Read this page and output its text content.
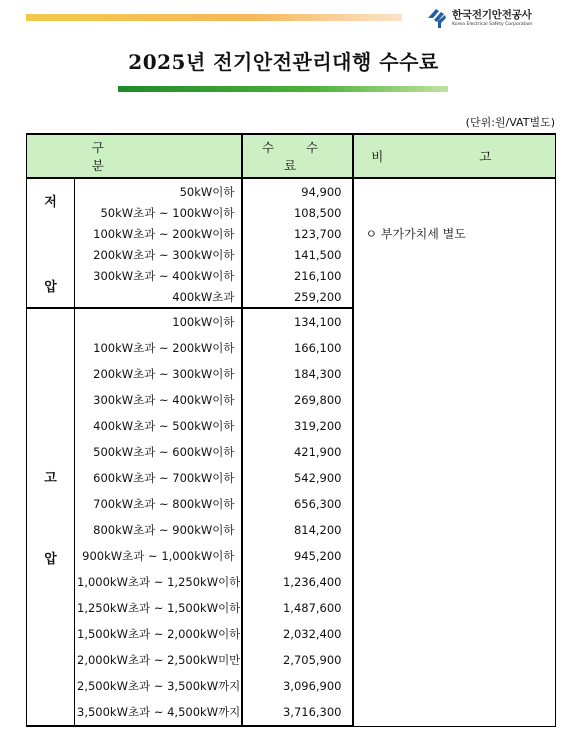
한국전기안전공사
Korea Electrical Safety Corporation
2025년 전기안전관리대행 수수료
(단위:원/VAT별도)
구 분		수 수 료	비 고

저
압	50kW이하	94,900	ㅇ 부가가치세 별도

	50kW초과 ~ 100kW이하	108,500	
	100kW초과 ~ 200kW이하	123,700	
	200kW초과 ~ 300kW이하	141,500	
	300kW초과 ~ 400kW이하	216,100	
	400kW초과	259,200	

고
압	100kW이하	134,100	
	100kW초과 ~ 200kW이하	166,100	
	200kW초과 ~ 300kW이하	184,300	
	300kW초과 ~ 400kW이하	269,800	
	400kW초과 ~ 500kW이하	319,200	
	500kW초과 ~ 600kW이하	421,900	
	600kW초과 ~ 700kW이하	542,900	
	700kW초과 ~ 800kW이하	656,300	
	800kW초과 ~ 900kW이하	814,200	
	900kW초과 ~ 1,000kW이하	945,200	
	1,000kW초과 ~ 1,250kW이하	1,236,400	
	1,250kW초과 ~ 1,500kW이하	1,487,600	
	1,500kW초과 ~ 2,000kW이하	2,032,400	
	2,000kW초과 ~ 2,500kW미만	2,705,900	
	2,500kW초과 ~ 3,500kW까지	3,096,900	
	3,500kW초과 ~ 4,500kW까지	3,716,300	
